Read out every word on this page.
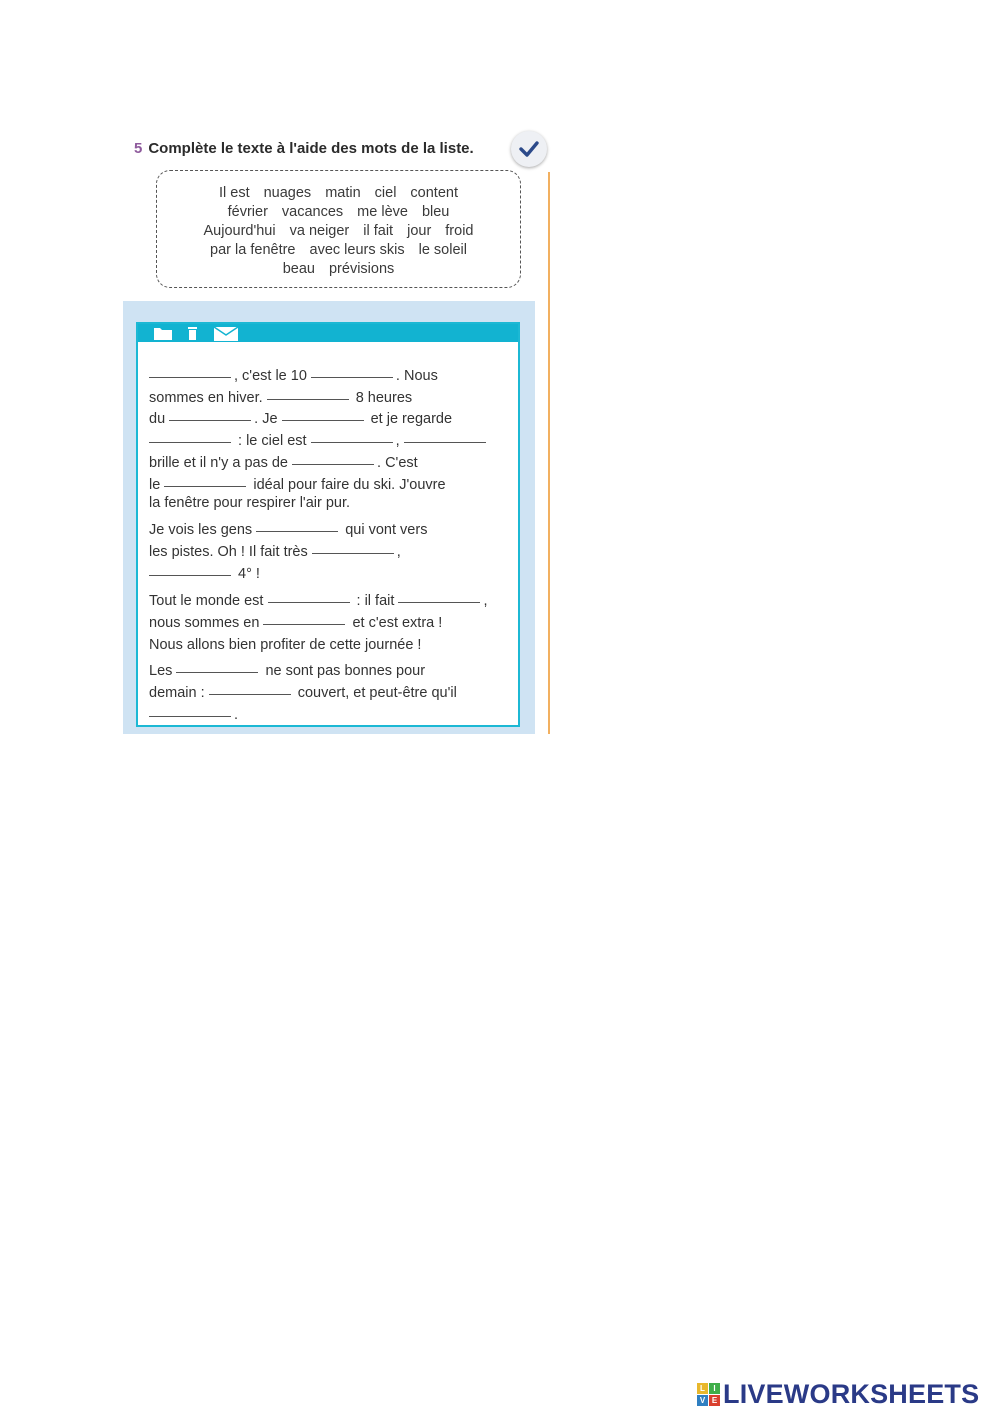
5 Complète le texte à l'aide des mots de la liste.
Il est nuages matin ciel content
février vacances me lève bleu
Aujourd'hui va neiger il fait jour froid
par la fenêtre avec leurs skis le soleil
beau prévisions

, c'est le 10	. Nous
sommes en hiver.	8 heures
du	. Je	et je regarde
: le ciel est	,
brille et il n'y a pas de	. C'est
le	idéal pour faire du ski. J'ouvre
la fenêtre pour respirer l'air pur.

Je vois les gens	qui vont vers
les pistes. Oh ! Il fait très	,
4° !

Tout le monde est	: il fait	,
nous sommes en	et c'est extra !
Nous allons bien profiter de cette journée !

Les	ne sont pas bonnes pour
demain :	couvert, et peut-être qu'il
.

L	I
V E LIVEWORKSHEETS
